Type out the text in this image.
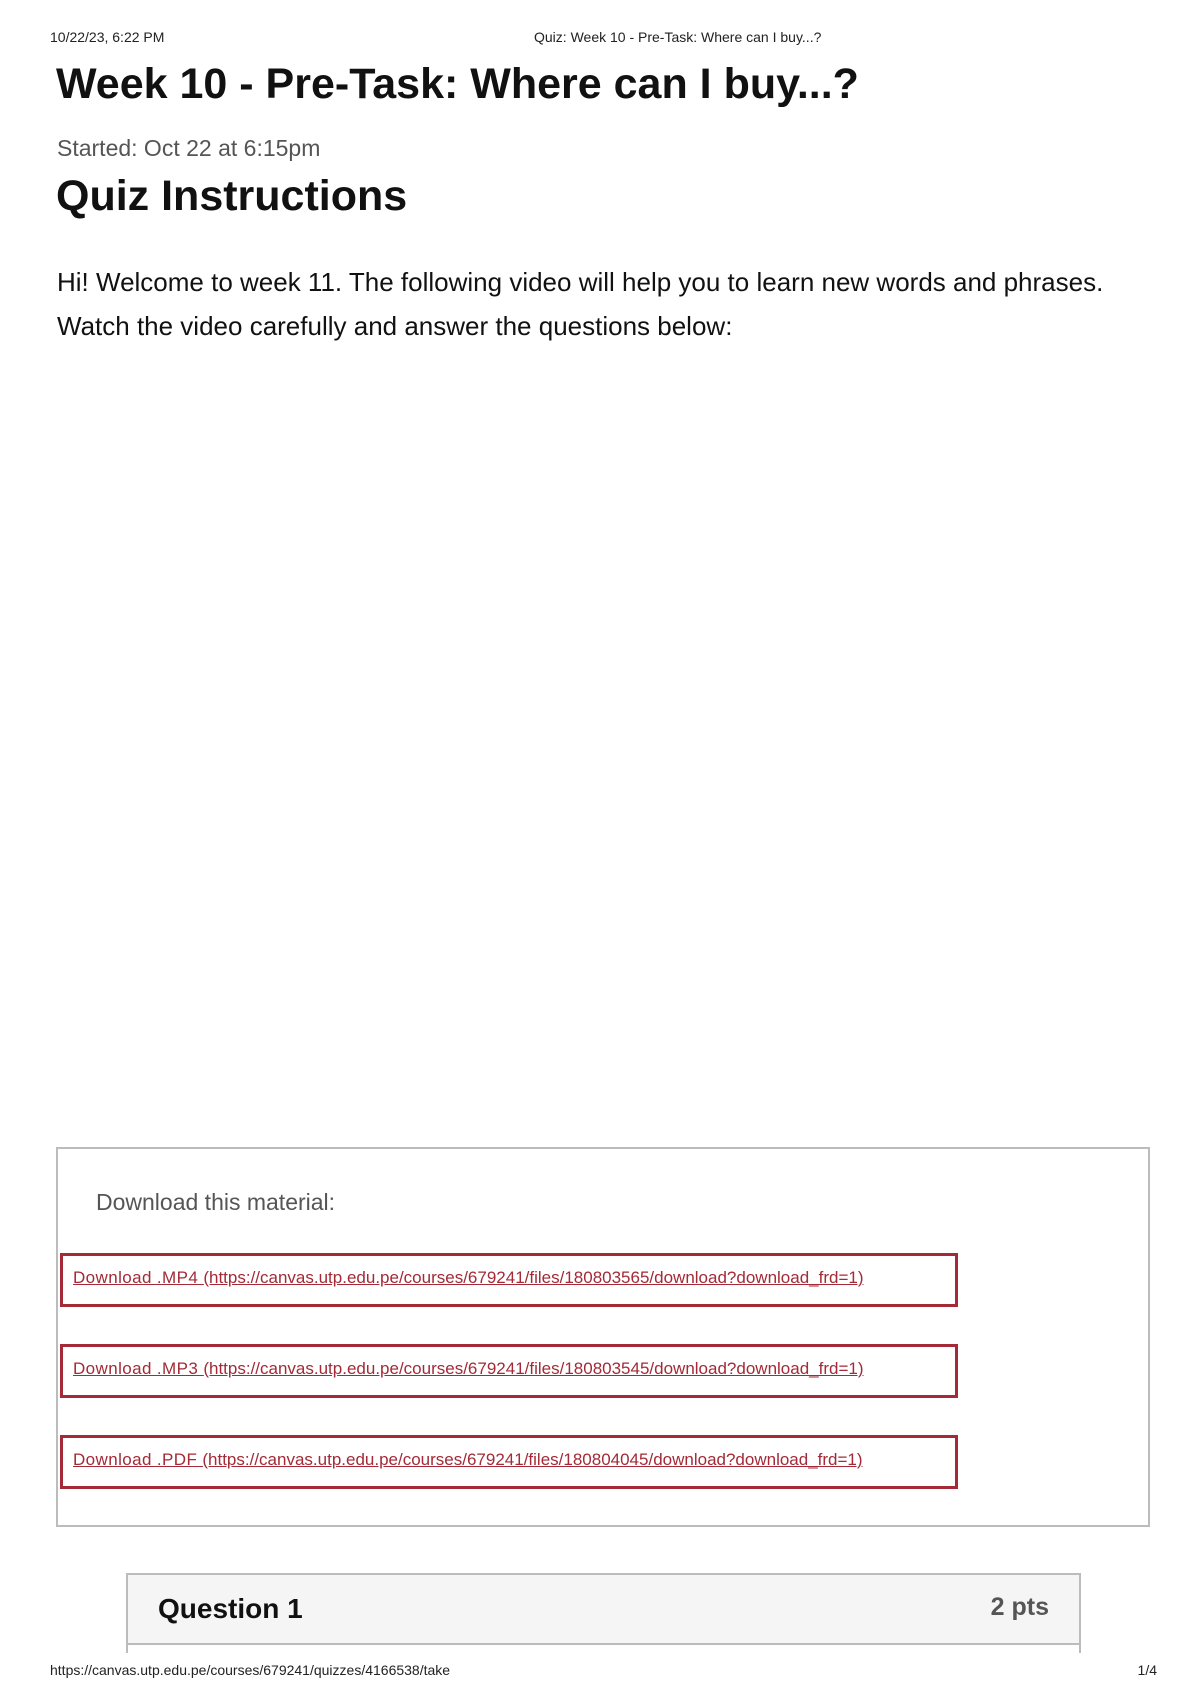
10/22/23, 6:22 PM	Quiz: Week 10 - Pre-Task: Where can I buy...?
Week 10 - Pre-Task: Where can I buy...?
Started: Oct 22 at 6:15pm
Quiz Instructions

Hi! Welcome to week 11. The following video will help you to learn new words and phrases. Watch the video carefully and answer the questions below:

Download this material:
Download .MP4 (https://canvas.utp.edu.pe/courses/679241/files/180803565/download?download_frd=1)
Download .MP3 (https://canvas.utp.edu.pe/courses/679241/files/180803545/download?download_frd=1)
Download .PDF (https://canvas.utp.edu.pe/courses/679241/files/180804045/download?download_frd=1)
Question 1	2 pts
https://canvas.utp.edu.pe/courses/679241/quizzes/4166538/take	1/4
